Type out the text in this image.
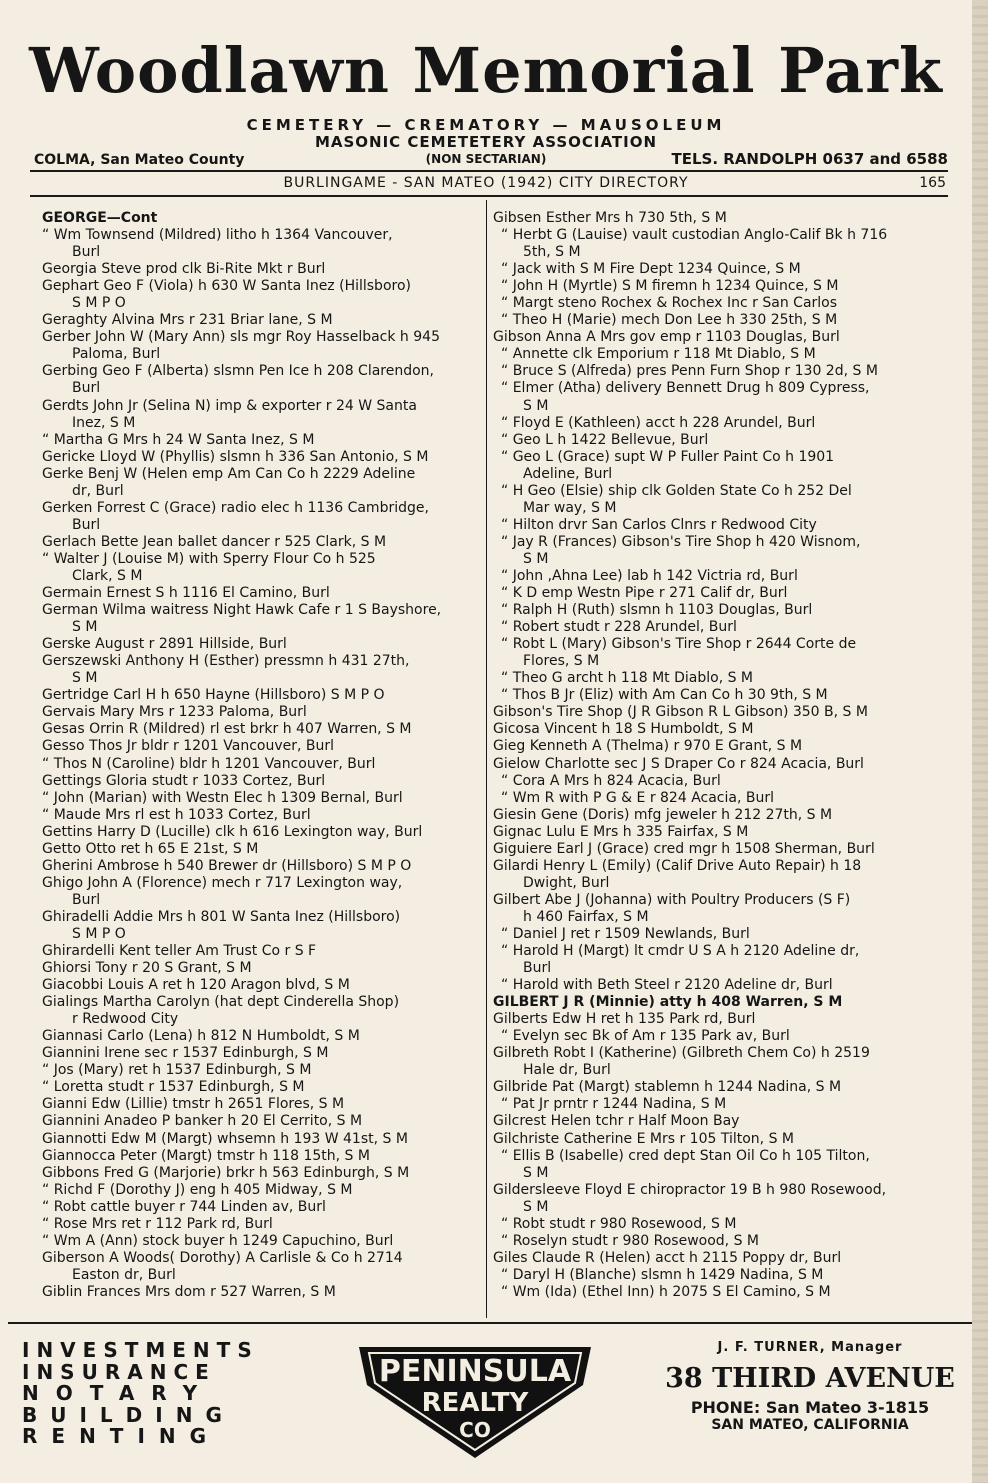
Woodlawn Memorial Park
CEMETERY — CREMATORY — MAUSOLEUM
MASONIC CEMETETERY ASSOCIATION
(NON SECTARIAN)
COLMA, San Mateo County	TELS. RANDOLPH 0637 and 6588
BURLINGAME - SAN MATEO (1942) CITY DIRECTORY	165
GEORGE—Cont
“ Wm Townsend (Mildred) litho h 1364 Vancouver,
Burl
Georgia Steve prod clk Bi-Rite Mkt r Burl
Gephart Geo F (Viola) h 630 W Santa Inez (Hillsboro)
S M P O
Geraghty Alvina Mrs r 231 Briar lane, S M
Gerber John W (Mary Ann) sls mgr Roy Hasselback h 945
Paloma, Burl
Gerbing Geo F (Alberta) slsmn Pen Ice h 208 Clarendon,
Burl
Gerdts John Jr (Selina N) imp & exporter r 24 W Santa
Inez, S M
“ Martha G Mrs h 24 W Santa Inez, S M
Gericke Lloyd W (Phyllis) slsmn h 336 San Antonio, S M
Gerke Benj W (Helen emp Am Can Co h 2229 Adeline
dr, Burl
Gerken Forrest C (Grace) radio elec h 1136 Cambridge,
Burl
Gerlach Bette Jean ballet dancer r 525 Clark, S M
“ Walter J (Louise M) with Sperry Flour Co h 525
Clark, S M
Germain Ernest S h 1116 El Camino, Burl
German Wilma waitress Night Hawk Cafe r 1 S Bayshore,
S M
Gerske August r 2891 Hillside, Burl
Gerszewski Anthony H (Esther) pressmn h 431 27th,
S M
Gertridge Carl H h 650 Hayne (Hillsboro) S M P O
Gervais Mary Mrs r 1233 Paloma, Burl
Gesas Orrin R (Mildred) rl est brkr h 407 Warren, S M
Gesso Thos Jr bldr r 1201 Vancouver, Burl
“ Thos N (Caroline) bldr h 1201 Vancouver, Burl
Gettings Gloria studt r 1033 Cortez, Burl
“ John (Marian) with Westn Elec h 1309 Bernal, Burl
“ Maude Mrs rl est h 1033 Cortez, Burl
Gettins Harry D (Lucille) clk h 616 Lexington way, Burl
Getto Otto ret h 65 E 21st, S M
Gherini Ambrose h 540 Brewer dr (Hillsboro) S M P O
Ghigo John A (Florence) mech r 717 Lexington way,
Burl
Ghiradelli Addie Mrs h 801 W Santa Inez (Hillsboro)
S M P O
Ghirardelli Kent teller Am Trust Co r S F
Ghiorsi Tony r 20 S Grant, S M
Giacobbi Louis A ret h 120 Aragon blvd, S M
Gialings Martha Carolyn (hat dept Cinderella Shop)
r Redwood City
Giannasi Carlo (Lena) h 812 N Humboldt, S M
Giannini Irene sec r 1537 Edinburgh, S M
“ Jos (Mary) ret h 1537 Edinburgh, S M
“ Loretta studt r 1537 Edinburgh, S M
Gianni Edw (Lillie) tmstr h 2651 Flores, S M
Giannini Anadeo P banker h 20 El Cerrito, S M
Giannotti Edw M (Margt) whsemn h 193 W 41st, S M
Giannocca Peter (Margt) tmstr h 118 15th, S M
Gibbons Fred G (Marjorie) brkr h 563 Edinburgh, S M
“ Richd F (Dorothy J) eng h 405 Midway, S M
“ Robt cattle buyer r 744 Linden av, Burl
“ Rose Mrs ret r 112 Park rd, Burl
“ Wm A (Ann) stock buyer h 1249 Capuchino, Burl
Giberson A Woods( Dorothy) A Carlisle & Co h 2714
Easton dr, Burl
Giblin Frances Mrs dom r 527 Warren, S M
Gibsen Esther Mrs h 730 5th, S M
“ Herbt G (Lauise) vault custodian Anglo-Calif Bk h 716
5th, S M
“ Jack with S M Fire Dept 1234 Quince, S M
“ John H (Myrtle) S M firemn h 1234 Quince, S M
“ Margt steno Rochex & Rochex Inc r San Carlos
“ Theo H (Marie) mech Don Lee h 330 25th, S M
Gibson Anna A Mrs gov emp r 1103 Douglas, Burl
“ Annette clk Emporium r 118 Mt Diablo, S M
“ Bruce S (Alfreda) pres Penn Furn Shop r 130 2d, S M
“ Elmer (Atha) delivery Bennett Drug h 809 Cypress,
S M
“ Floyd E (Kathleen) acct h 228 Arundel, Burl
“ Geo L h 1422 Bellevue, Burl
“ Geo L (Grace) supt W P Fuller Paint Co h 1901
Adeline, Burl
“ H Geo (Elsie) ship clk Golden State Co h 252 Del
Mar way, S M
“ Hilton drvr San Carlos Clnrs r Redwood City
“ Jay R (Frances) Gibson's Tire Shop h 420 Wisnom,
S M
“ John ,Ahna Lee) lab h 142 Victria rd, Burl
“ K D emp Westn Pipe r 271 Calif dr, Burl
“ Ralph H (Ruth) slsmn h 1103 Douglas, Burl
“ Robert studt r 228 Arundel, Burl
“ Robt L (Mary) Gibson's Tire Shop r 2644 Corte de
Flores, S M
“ Theo G archt h 118 Mt Diablo, S M
“ Thos B Jr (Eliz) with Am Can Co h 30 9th, S M
Gibson's Tire Shop (J R Gibson R L Gibson) 350 B, S M
Gicosa Vincent h 18 S Humboldt, S M
Gieg Kenneth A (Thelma) r 970 E Grant, S M
Gielow Charlotte sec J S Draper Co r 824 Acacia, Burl
“ Cora A Mrs h 824 Acacia, Burl
“ Wm R with P G & E r 824 Acacia, Burl
Giesin Gene (Doris) mfg jeweler h 212 27th, S M
Gignac Lulu E Mrs h 335 Fairfax, S M
Giguiere Earl J (Grace) cred mgr h 1508 Sherman, Burl
Gilardi Henry L (Emily) (Calif Drive Auto Repair) h 18
Dwight, Burl
Gilbert Abe J (Johanna) with Poultry Producers (S F)
h 460 Fairfax, S M
“ Daniel J ret r 1509 Newlands, Burl
“ Harold H (Margt) lt cmdr U S A h 2120 Adeline dr,
Burl
“ Harold with Beth Steel r 2120 Adeline dr, Burl
GILBERT J R (Minnie) atty h 408 Warren, S M
Gilberts Edw H ret h 135 Park rd, Burl
“ Evelyn sec Bk of Am r 135 Park av, Burl
Gilbreth Robt I (Katherine) (Gilbreth Chem Co) h 2519
Hale dr, Burl
Gilbride Pat (Margt) stablemn h 1244 Nadina, S M
“ Pat Jr prntr r 1244 Nadina, S M
Gilcrest Helen tchr r Half Moon Bay
Gilchriste Catherine E Mrs r 105 Tilton, S M
“ Ellis B (Isabelle) cred dept Stan Oil Co h 105 Tilton,
S M
Gildersleeve Floyd E chiropractor 19 B h 980 Rosewood,
S M
“ Robt studt r 980 Rosewood, S M
“ Roselyn studt r 980 Rosewood, S M
Giles Claude R (Helen) acct h 2115 Poppy dr, Burl
“ Daryl H (Blanche) slsmn h 1429 Nadina, S M
“ Wm (Ida) (Ethel Inn) h 2075 S El Camino, S M
INVESTMENTS
INSURANCE
NOTARY
BUILDING
RENTING
PENINSULA
REALTY
CO
J. F. TURNER, Manager
38 THIRD AVENUE
PHONE: San Mateo 3-1815
SAN MATEO, CALIFORNIA
